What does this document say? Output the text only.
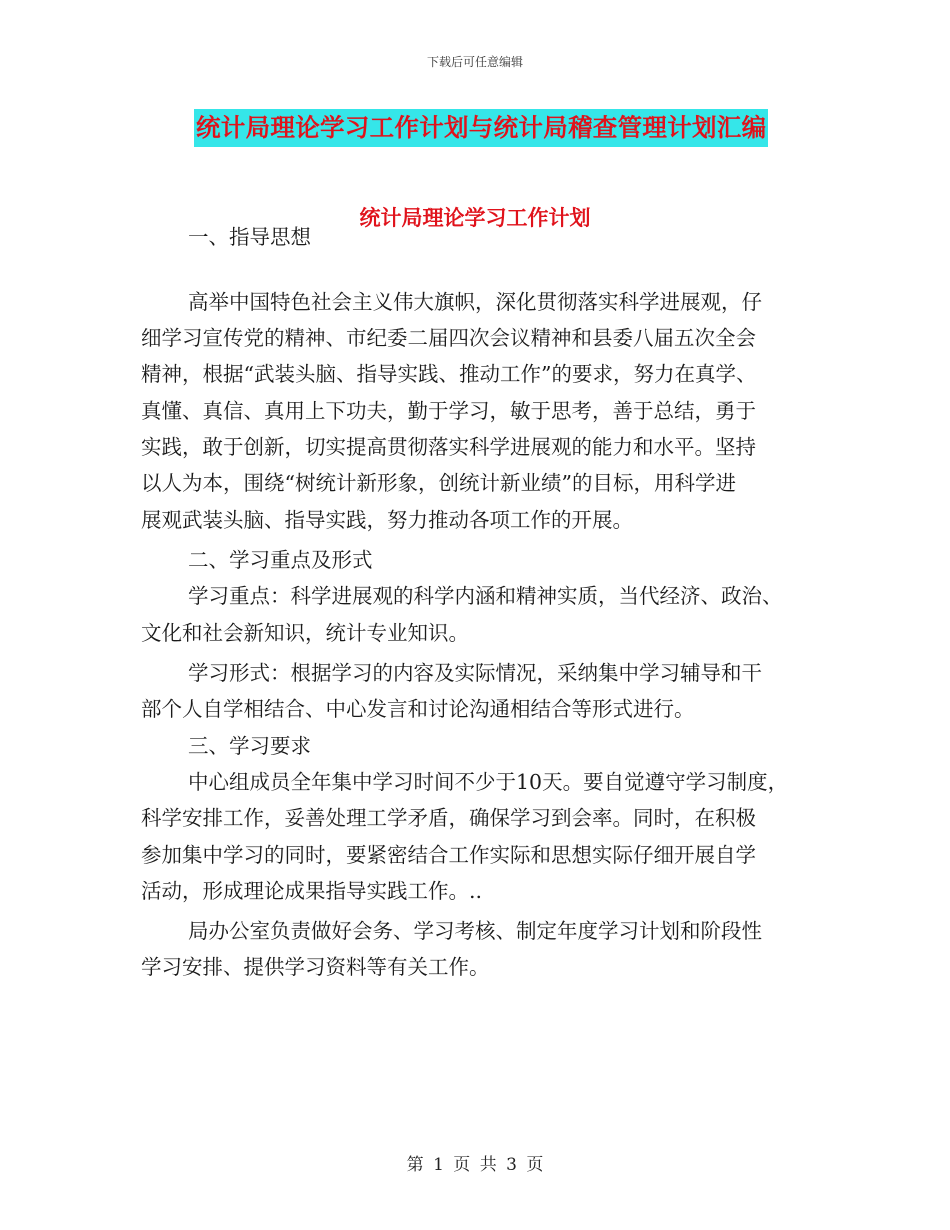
下载后可任意编辑
统计局理论学习工作计划与统计局稽查管理计划汇编
统计局理论学习工作计划
一、指导思想
高举中国特色社会主义伟大旗帜，深化贯彻落实科学进展观，仔
细学习宣传党的精神、市纪委二届四次会议精神和县委八届五次全会
精神，根据“武装头脑、指导实践、推动工作”的要求，努力在真学、
真懂、真信、真用上下功夫，勤于学习，敏于思考，善于总结，勇于
实践，敢于创新，切实提高贯彻落实科学进展观的能力和水平。坚持
以人为本，围绕“树统计新形象，创统计新业绩”的目标，用科学进
展观武装头脑、指导实践，努力推动各项工作的开展。
二、学习重点及形式
学习重点：科学进展观的科学内涵和精神实质，当代经济、政治、
文化和社会新知识，统计专业知识。
学习形式：根据学习的内容及实际情况，采纳集中学习辅导和干
部个人自学相结合、中心发言和讨论沟通相结合等形式进行。
三、学习要求
中心组成员全年集中学习时间不少于10天。要自觉遵守学习制度，
科学安排工作，妥善处理工学矛盾，确保学习到会率。同时，在积极
参加集中学习的同时，要紧密结合工作实际和思想实际仔细开展自学
活动，形成理论成果指导实践工作。..
局办公室负责做好会务、学习考核、制定年度学习计划和阶段性
学习安排、提供学习资料等有关工作。
第 1 页 共 3 页
